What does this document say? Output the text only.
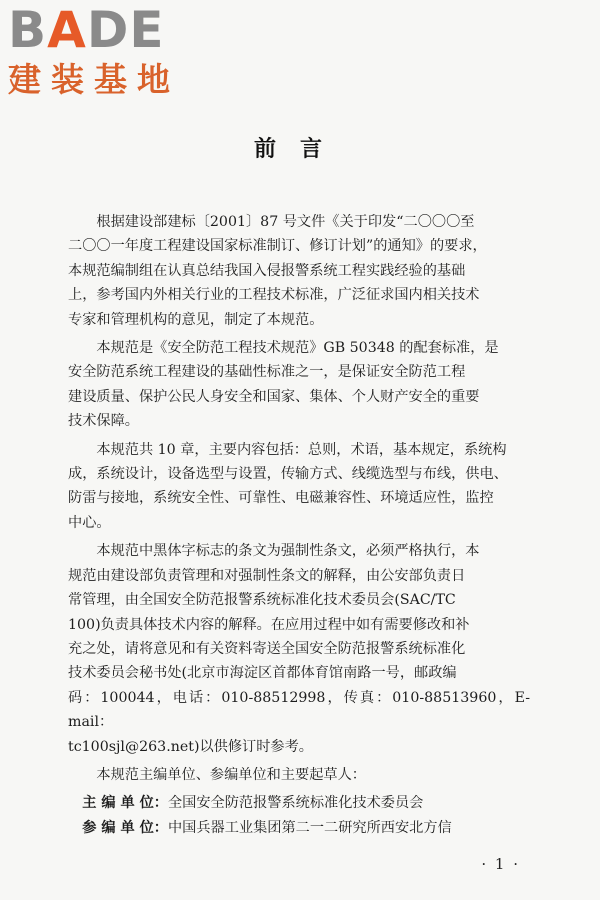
BADE
建装基地
前言
根据建设部建标〔2001〕87 号文件《关于印发“二〇〇〇至
二〇〇一年度工程建设国家标准制订、修订计划”的通知》的要求，
本规范编制组在认真总结我国入侵报警系统工程实践经验的基础
上，参考国内外相关行业的工程技术标准，广泛征求国内相关技术
专家和管理机构的意见，制定了本规范。
本规范是《安全防范工程技术规范》GB 50348 的配套标准，是
安全防范系统工程建设的基础性标准之一，是保证安全防范工程
建设质量、保护公民人身安全和国家、集体、个人财产安全的重要
技术保障。
本规范共 10 章，主要内容包括：总则，术语，基本规定，系统构
成，系统设计，设备选型与设置，传输方式、线缆选型与布线，供电、
防雷与接地，系统安全性、可靠性、电磁兼容性、环境适应性，监控
中心。
本规范中黑体字标志的条文为强制性条文，必须严格执行，本
规范由建设部负责管理和对强制性条文的解释，由公安部负责日
常管理，由全国安全防范报警系统标准化技术委员会(SAC/TC
100)负责具体技术内容的解释。在应用过程中如有需要修改和补
充之处，请将意见和有关资料寄送全国安全防范报警系统标准化
技术委员会秘书处(北京市海淀区首都体育馆南路一号，邮政编
码：100044，电话：010-88512998，传真：010-88513960，E-mail：
tc100sjl@263.net)以供修订时参考。
本规范主编单位、参编单位和主要起草人：
主 编 单 位：全国安全防范报警系统标准化技术委员会
参 编 单 位：中国兵器工业集团第二一二研究所西安北方信
· 1 ·
